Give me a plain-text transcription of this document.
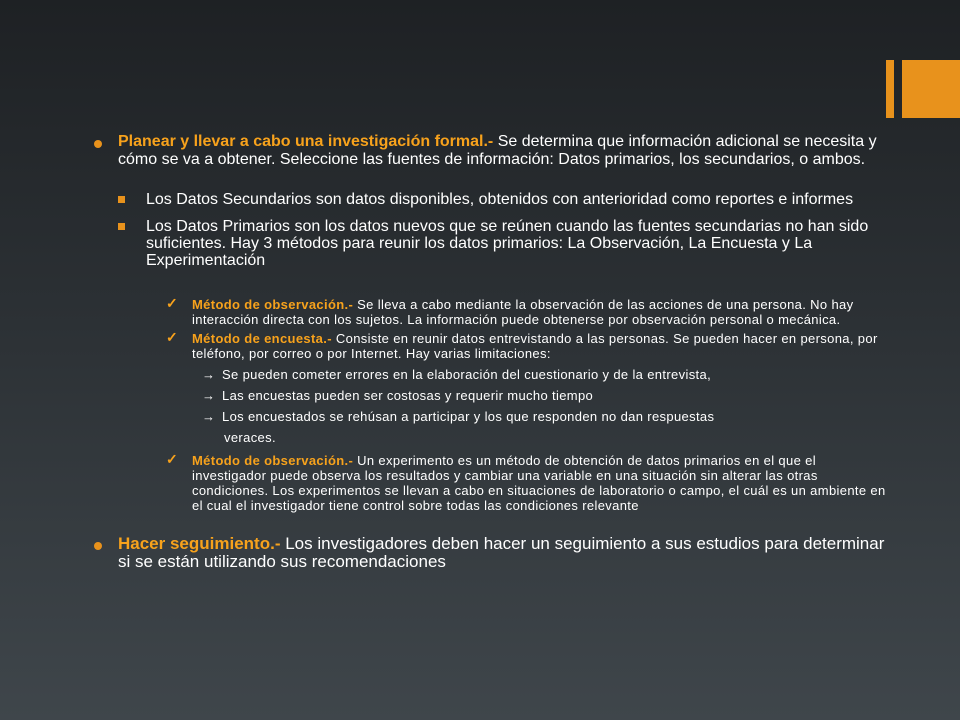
Planear y llevar a cabo una investigación formal.- Se determina que información adicional se necesita y cómo se va a obtener. Seleccione las fuentes de información: Datos primarios, los secundarios, o ambos.
Los Datos Secundarios son datos disponibles, obtenidos con anterioridad como reportes e informes
Los Datos Primarios son los datos nuevos que se reúnen cuando las fuentes secundarias no han sido suficientes. Hay 3 métodos para reunir los datos primarios: La Observación, La Encuesta y La Experimentación
✓ Método de observación.- Se lleva a cabo mediante la observación de las acciones de una persona. No hay interacción directa con los sujetos. La información puede obtenerse por observación personal o mecánica.
✓ Método de encuesta.- Consiste en reunir datos entrevistando a las personas. Se pueden hacer en persona, por teléfono, por correo o por Internet. Hay varias limitaciones:
→ Se pueden cometer errores en la elaboración del cuestionario y de la entrevista,
→ Las encuestas pueden ser costosas y requerir mucho tiempo
→ Los encuestados se rehúsan a participar y los que responden no dan respuestas
veraces.
✓ Método de observación.- Un experimento es un método de obtención de datos primarios en el que el investigador puede observa los resultados y cambiar una variable en una situación sin alterar las otras condiciones. Los experimentos se llevan a cabo en situaciones de laboratorio o campo, el cuál es un ambiente en el cual el investigador tiene control sobre todas las condiciones relevante
Hacer seguimiento.- Los investigadores deben hacer un seguimiento a sus estudios para determinar si se están utilizando sus recomendaciones
